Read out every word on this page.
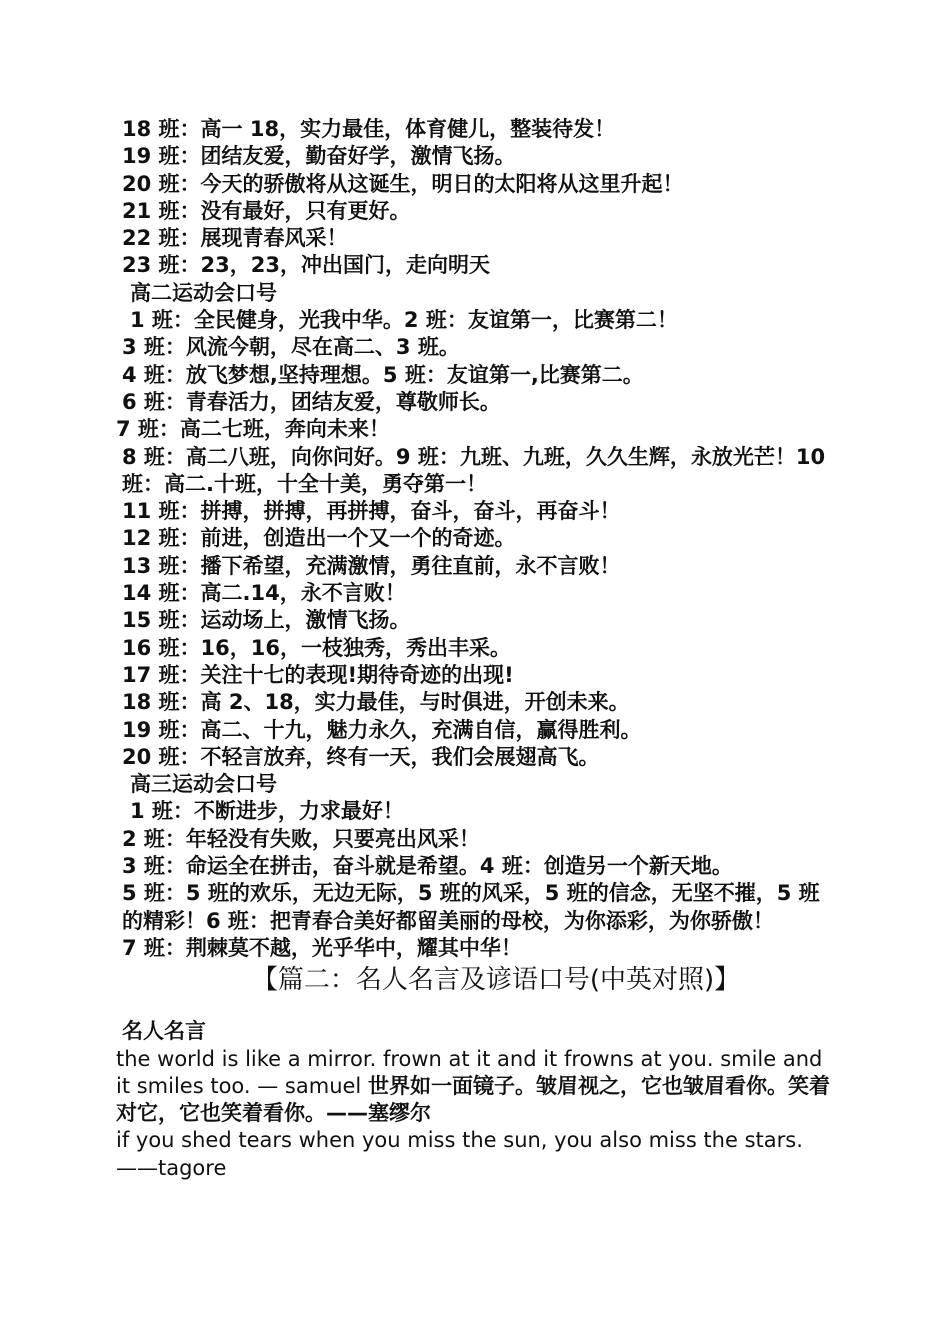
18 班：高一 18，实力最佳，体育健儿，整装待发！
19 班：团结友爱，勤奋好学，激情飞扬。
20 班：今天的骄傲将从这诞生，明日的太阳将从这里升起！
21 班：没有最好，只有更好。
22 班：展现青春风采！
23 班：23，23，冲出国门，走向明天
高二运动会口号
1 班：全民健身，光我中华。2 班：友谊第一，比赛第二！
3 班：风流今朝，尽在高二、3 班。
4 班：放飞梦想,坚持理想。5 班：友谊第一,比赛第二。
6 班：青春活力，团结友爱，尊敬师长。
7 班：高二七班，奔向未来！
8 班：高二八班，向你问好。9 班：九班、九班，久久生辉，永放光芒！10 班：高二.十班，十全十美，勇夺第一！
11 班：拼搏，拼搏，再拼搏，奋斗，奋斗，再奋斗！
12 班：前进，创造出一个又一个的奇迹。
13 班：播下希望，充满激情，勇往直前，永不言败！
14 班：高二.14，永不言败！
15 班：运动场上，激情飞扬。
16 班：16，16，一枝独秀，秀出丰采。
17 班：关注十七的表现!期待奇迹的出现!
18 班：高 2、18，实力最佳，与时俱进，开创未来。
19 班：高二、十九，魅力永久，充满自信，赢得胜利。
20 班：不轻言放弃，终有一天，我们会展翅高飞。
高三运动会口号
1 班：不断进步，力求最好！
2 班：年轻没有失败，只要亮出风采！
3 班：命运全在拼击，奋斗就是希望。4 班：创造另一个新天地。
5 班：5 班的欢乐，无边无际，5 班的风采，5 班的信念，无坚不摧，5 班的精彩！6 班：把青春合美好都留美丽的母校，为你添彩，为你骄傲！
7 班：荆棘莫不越，光乎华中，耀其中华！
【篇二：名人名言及谚语口号(中英对照)】
名人名言
the world is like a mirror. frown at it and it frowns at you. smile and it smiles too. — samuel 世界如一面镜子。皱眉视之，它也皱眉看你。笑着对它，它也笑着看你。——塞缪尔
if you shed tears when you miss the sun, you also miss the stars. ——tagore
